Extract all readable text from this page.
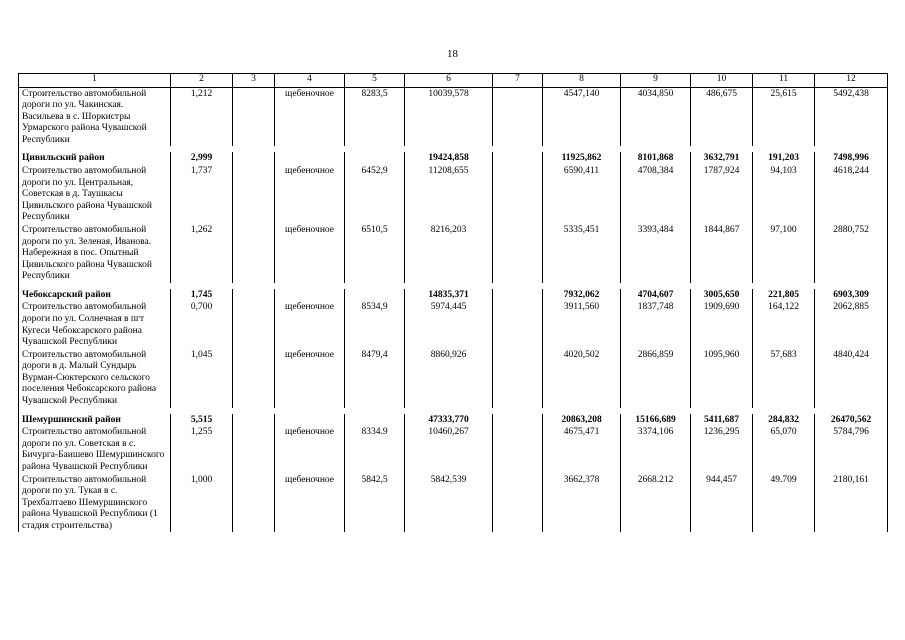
18
1	2	3	4	5	6	7	8	9	10	11	12
Строительство автомобильной дороги по ул. Чакинская. Васильева в с. Шоркистры Урмарского района Чувашской Республики	1,212		щебеночное	8283,5	10039,578		4547,140	4034,850	486,675	25,615	5492,438

Цивильский район	2,999				19424,858		11925,862	8101,868	3632,791	191,203	7498,996
Строительство автомобильной дороги по ул. Центральная, Советская в д. Таушкасы Цивильского района Чувашской Республики	1,737		щебеночное	6452,9	11208,655		6590,411	4708,384	1787,924	94,103	4618,244
Строительство автомобильной дороги по ул. Зеленая, Иванова. Набережная в пос. Опытный Цивильского района Чувашской Республики	1,262		щебеночное	6510,5	8216,203		5335,451	3393,484	1844,867	97,100	2880,752

Чебоксарский район	1,745				14835,371		7932,062	4704,607	3005,650	221,805	6903,309
Строительство автомобильной дороги по ул. Солнечная в пгт Кугеси Чебоксарского района Чувашской Республики	0,700		щебеночное	8534,9	5974,445		3911,560	1837,748	1909,690	164,122	2062,885
Строительство автомобильной дороги в д. Малый Сундырь Вурман-Сюктерского сельского поселения Чебоксарского района Чувашской Республики	1,045		щебеночное	8479,4	8860,926		4020,502	2866,859	1095,960	57,683	4840,424

Шемуршинский район	5,515				47333,770		20863,208	15166,689	5411,687	284,832	26470,562
Строительство автомобильной дороги по ул. Советская в с. Бичурга-Баишево Шемуршинского района Чувашской Республики	1,255		щебеночное	8334.9	10460,267		4675,471	3374,106	1236,295	65,070	5784,796
Строительство автомобильной дороги по ул. Тукая в с. Трехбалтаево Шемуршинского района Чувашской Республики (1 стадия строительства)	1,000		щебеночное	5842,5	5842,539		3662,378	2668.212	944,457	49.709	2180,161
